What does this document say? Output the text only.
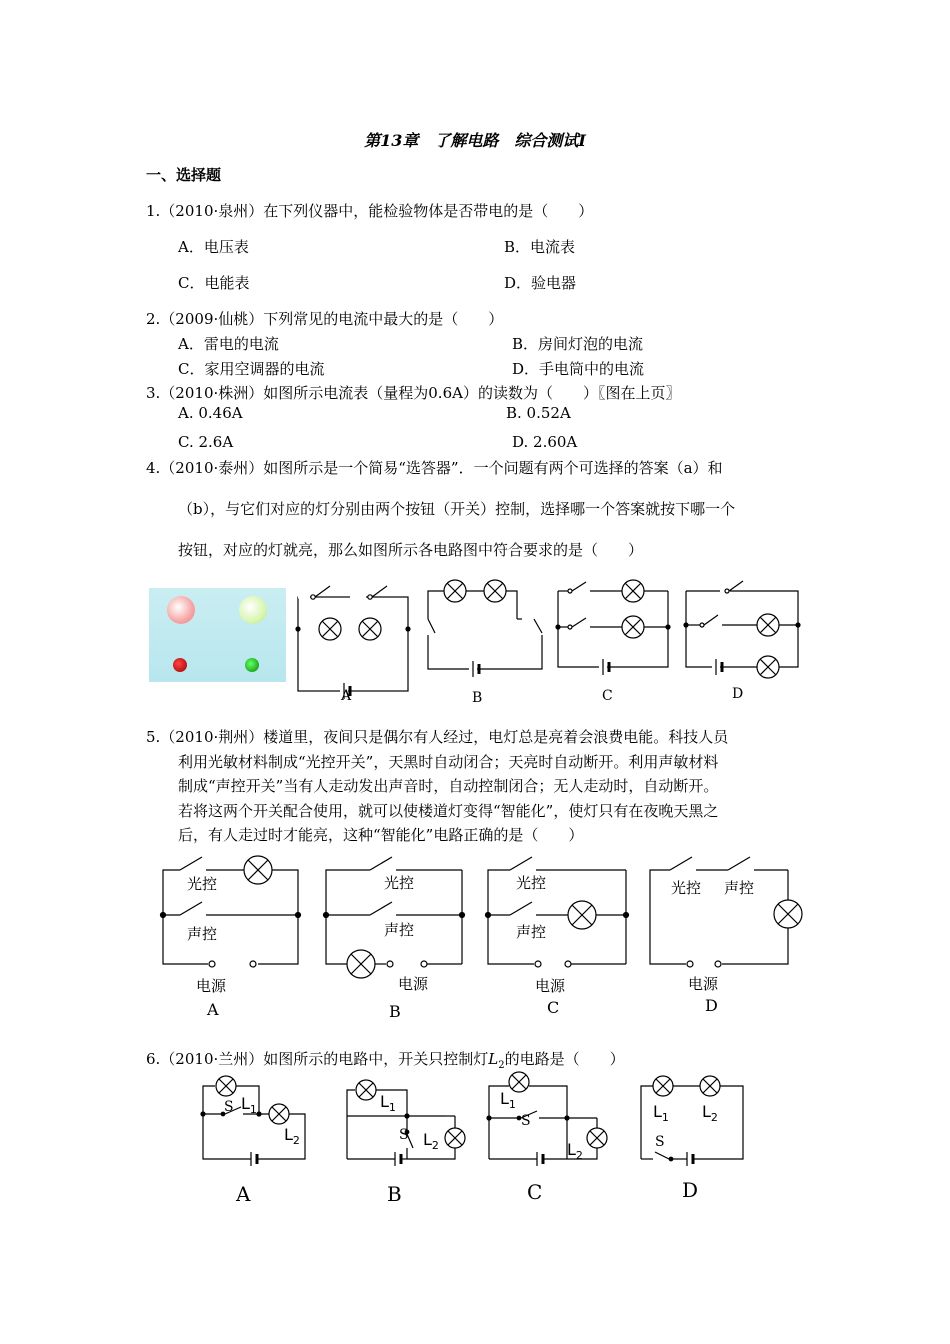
第13章　了解电路　综合测试Ⅰ
一、选择题
1.（2010·泉州）在下列仪器中，能检验物体是否带电的是（　　）
A．电压表	B．电流表
C．电能表	D．验电器
2.（2009·仙桃）下列常见的电流中最大的是（　　）
A．雷电的电流	B．房间灯泡的电流
C．家用空调器的电流	D．手电筒中的电流
3.（2010·株洲）如图所示电流表（量程为0.6A）的读数为（　　）〖图在上页〗
A. 0.46A	B. 0.52A
C. 2.6A	D. 2.60A
4.（2010·泰州）如图所示是一个简易“选答器”．一个问题有两个可选择的答案（a）和
（b），与它们对应的灯分别由两个按钮（开关）控制，选择哪一个答案就按下哪一个
按钮，对应的灯就亮，那么如图所示各电路图中符合要求的是（　　）
A	B	C	D
5.（2010·荆州）楼道里，夜间只是偶尔有人经过，电灯总是亮着会浪费电能。科技人员
利用光敏材料制成“光控开关”，天黑时自动闭合；天亮时自动断开。利用声敏材料
制成“声控开关”当有人走动发出声音时，自动控制闭合；无人走动时，自动断开。
若将这两个开关配合使用，就可以使楼道灯变得“智能化”，使灯只有在夜晚天黑之
后，有人走过时才能亮，这种“智能化”电路正确的是（　　）
光控
声控
电源
光控
声控
电源
光控
声控
电源
光控 声控
电源
A	B	C	D
6.（2010·兰州）如图所示的电路中，开关只控制灯$L_2$的电路是（　　）
S $L_1$
$L_2$
$L_1$
S $L_2$
$L_1$
S
$L_2$
$L_1$ $L_2$
S
A	B	C	D
